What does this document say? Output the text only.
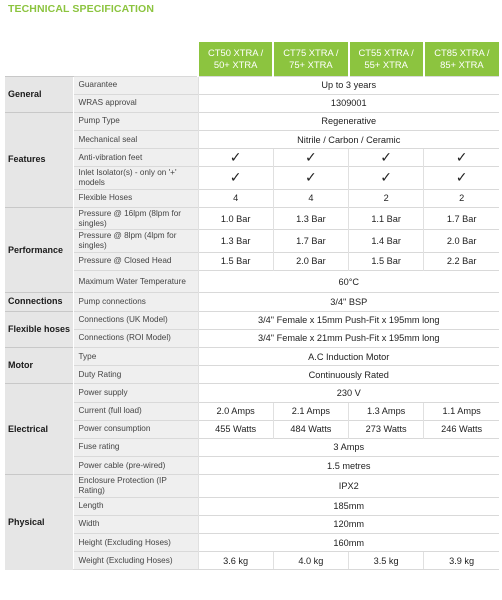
TECHNICAL SPECIFICATION
		CT50 XTRA / 50+ XTRA	CT75 XTRA / 75+ XTRA	CT55 XTRA / 55+ XTRA	CT85 XTRA / 85+ XTRA
General	Guarantee	Up to 3 years			
	WRAS approval	1309001			
Features	Pump Type	Regenerative			
	Mechanical seal	Nitrile / Carbon / Ceramic			
	Anti-vibration feet	✓	✓	✓	✓
	Inlet Isolator(s) - only on '+' models	✓	✓	✓	✓
	Flexible Hoses	4	4	2	2
Performance	Pressure @ 16lpm (8lpm for singles)	1.0 Bar	1.3 Bar	1.1 Bar	1.7 Bar
	Pressure @ 8lpm (4lpm for singles)	1.3 Bar	1.7 Bar	1.4 Bar	2.0 Bar
	Pressure @ Closed Head	1.5 Bar	2.0 Bar	1.5 Bar	2.2 Bar
	Maximum Water Temperature	60°C			
Connections	Pump connections	3/4" BSP			
Flexible hoses	Connections (UK Model)	3/4" Female x 15mm Push-Fit x 195mm long			
	Connections (ROI Model)	3/4" Female x 21mm Push-Fit x 195mm long			
Motor	Type	A.C Induction Motor			
	Duty Rating	Continuously Rated			
Electrical	Power supply	230 V			
	Current (full load)	2.0 Amps	2.1 Amps	1.3 Amps	1.1 Amps
	Power consumption	455 Watts	484 Watts	273 Watts	246 Watts
	Fuse rating	3 Amps			
	Power cable (pre-wired)	1.5 metres			
Physical	Enclosure Protection (IP Rating)	IPX2			
	Length	185mm			
	Width	120mm			
	Height (Excluding Hoses)	160mm			
	Weight (Excluding Hoses)	3.6 kg	4.0 kg	3.5 kg	3.9 kg
